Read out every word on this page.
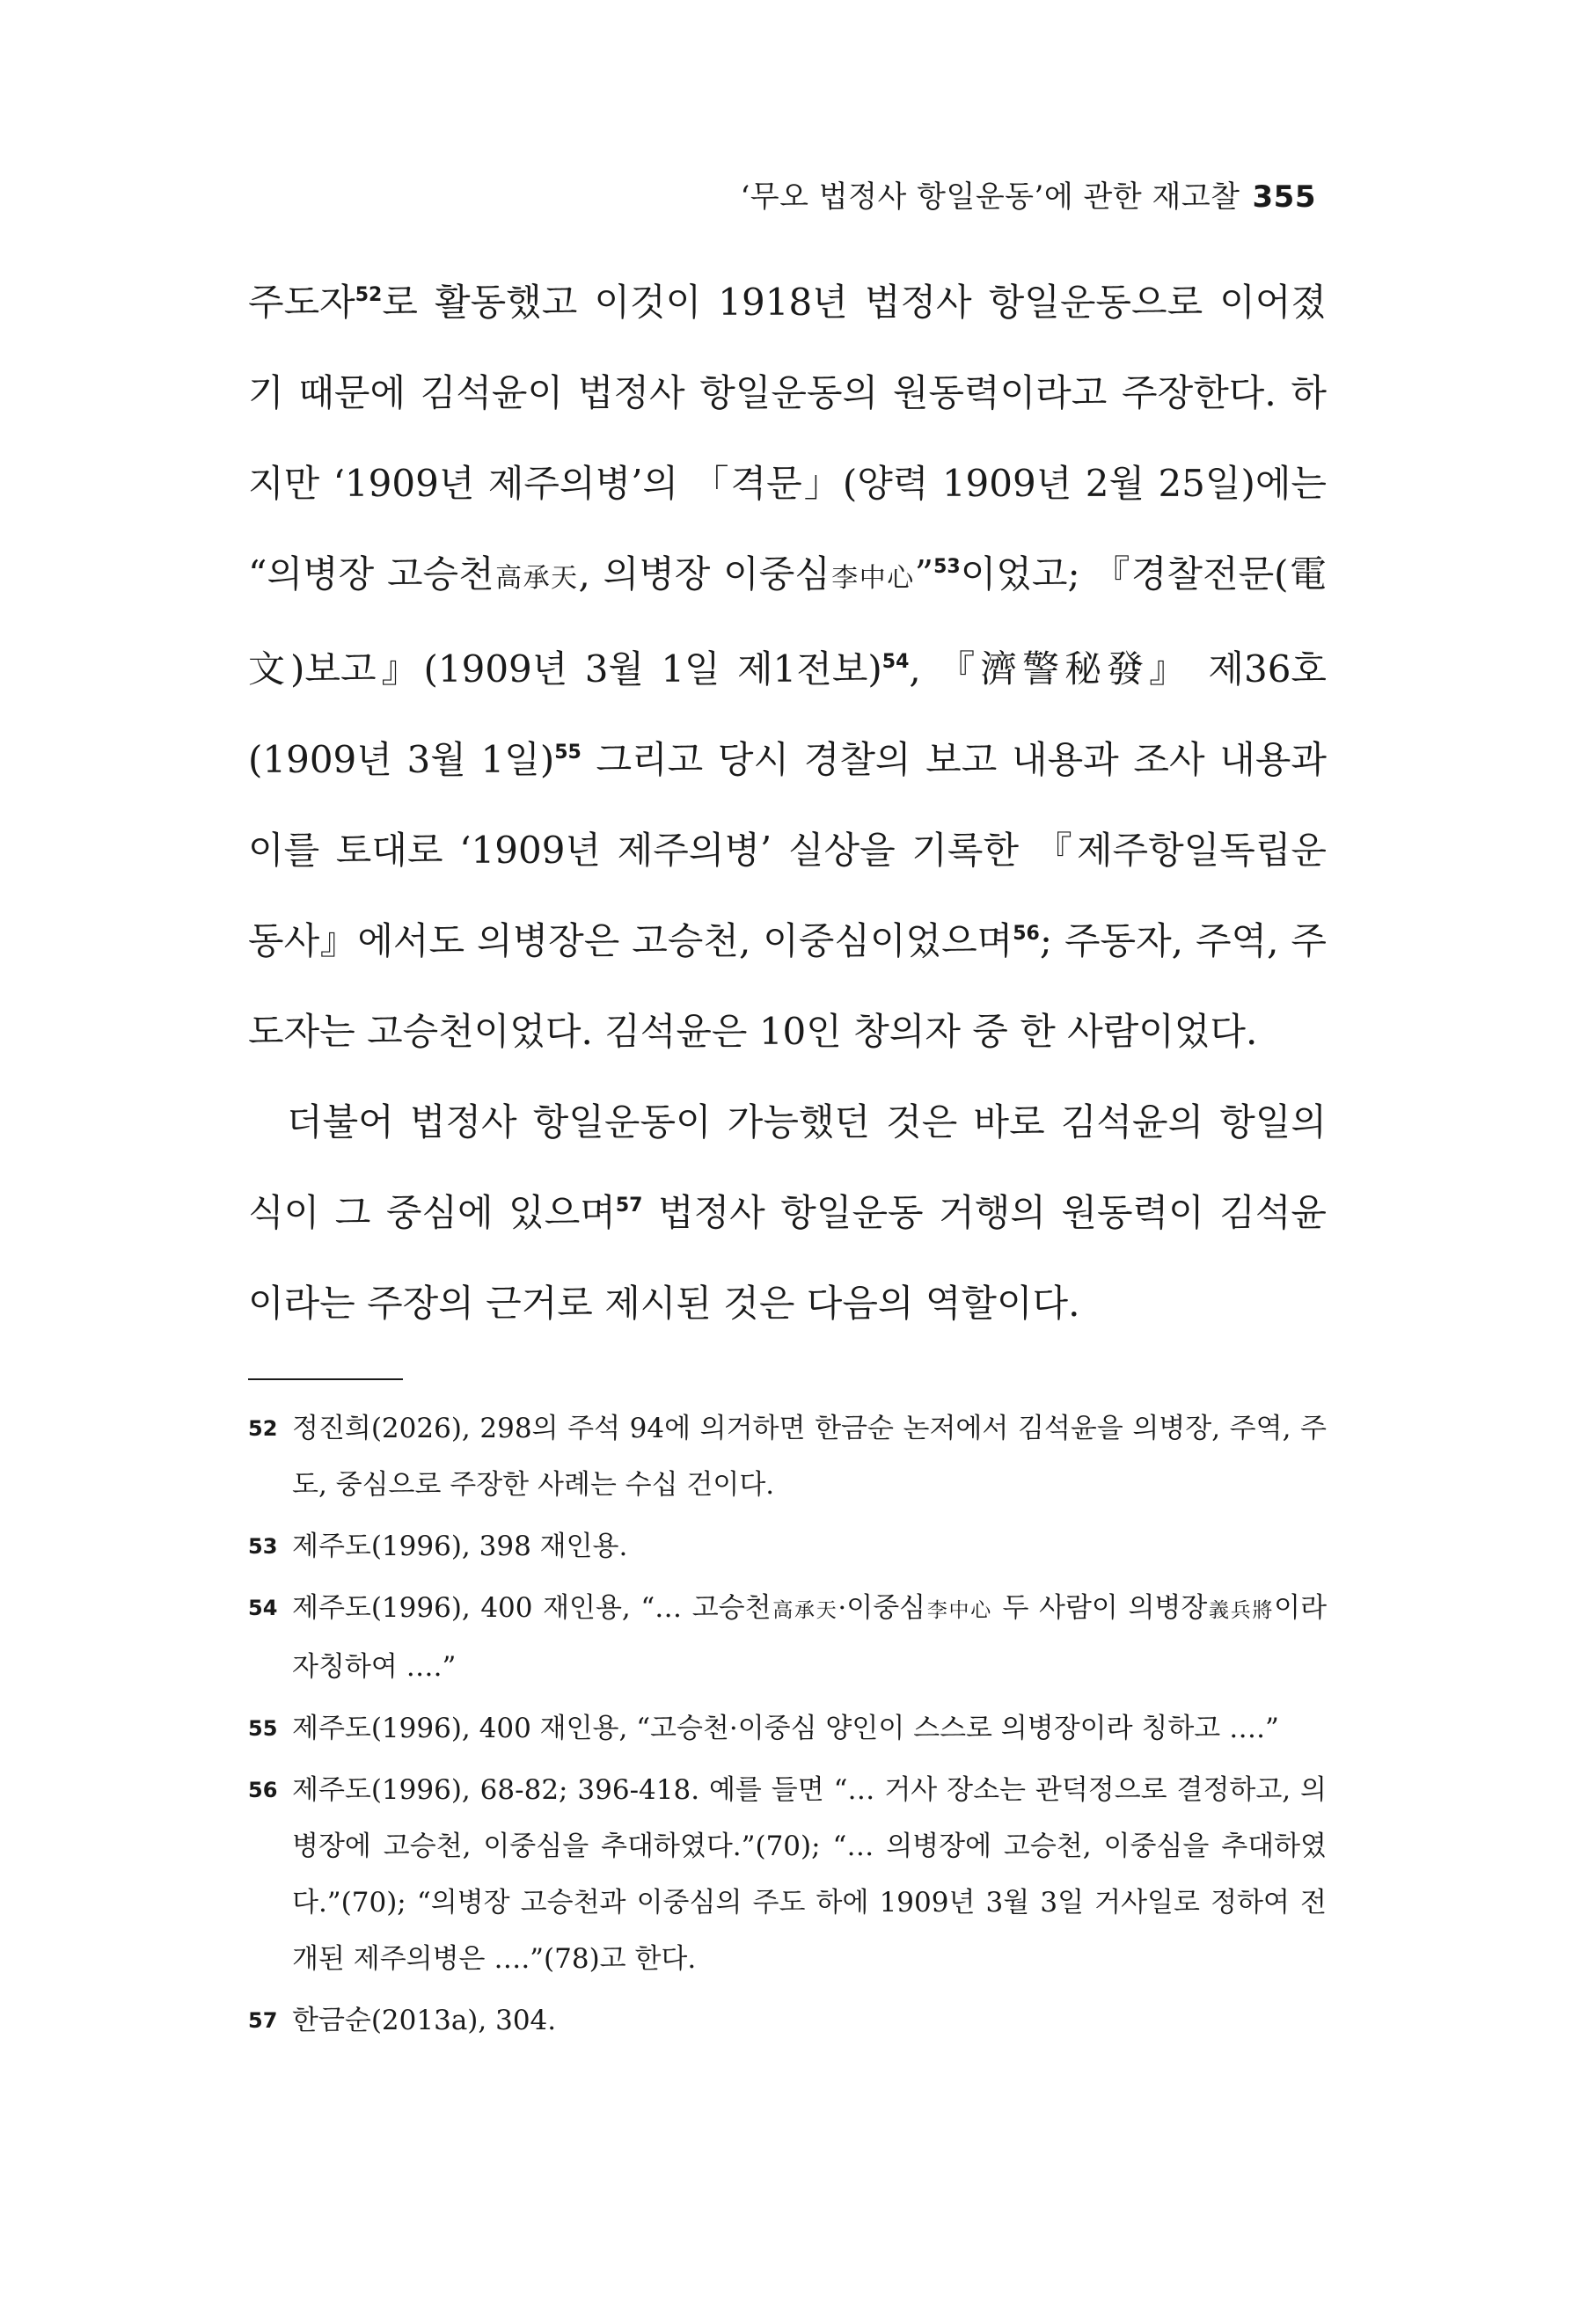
‘무오 법정사 항일운동’에 관한 재고찰 355

주도자$^{52}$로 활동했고 이것이 1918년 법정사 항일운동으로 이어졌기 때문에 김석윤이 법정사 항일운동의 원동력이라고 주장한다. 하지만 ‘1909년 제주의병’의 「격문」(양력 1909년 2월 25일)에는 “의병장 고승천高承天, 의병장 이중심李中心”$^{53}$이었고; 『경찰전문(電文)보고』(1909년 3월 1일 제1전보)$^{54}$, 『濟警秘發』 제36호(1909년 3월 1일)$^{55}$ 그리고 당시 경찰의 보고 내용과 조사 내용과 이를 토대로 ‘1909년 제주의병’ 실상을 기록한 『제주항일독립운동사』에서도 의병장은 고승천, 이중심이었으며$^{56}$; 주동자, 주역, 주도자는 고승천이었다. 김석윤은 10인 창의자 중 한 사람이었다.

더불어 법정사 항일운동이 가능했던 것은 바로 김석윤의 항일의식이 그 중심에 있으며$^{57}$ 법정사 항일운동 거행의 원동력이 김석윤이라는 주장의 근거로 제시된 것은 다음의 역할이다.

52 정진희(2026), 298의 주석 94에 의거하면 한금순 논저에서 김석윤을 의병장, 주역, 주도, 중심으로 주장한 사례는 수십 건이다.
53 제주도(1996), 398 재인용.
54 제주도(1996), 400 재인용, “… 고승천高承天·이중심李中心 두 사람이 의병장義兵將이라 자칭하여 ….”
55 제주도(1996), 400 재인용, “고승천·이중심 양인이 스스로 의병장이라 칭하고 ….”
56 제주도(1996), 68-82; 396-418. 예를 들면 “… 거사 장소는 관덕정으로 결정하고, 의병장에 고승천, 이중심을 추대하였다.”(70); “… 의병장에 고승천, 이중심을 추대하였다.”(70); “의병장 고승천과 이중심의 주도 하에 1909년 3월 3일 거사일로 정하여 전개된 제주의병은 ….”(78)고 한다.
57 한금순(2013a), 304.
